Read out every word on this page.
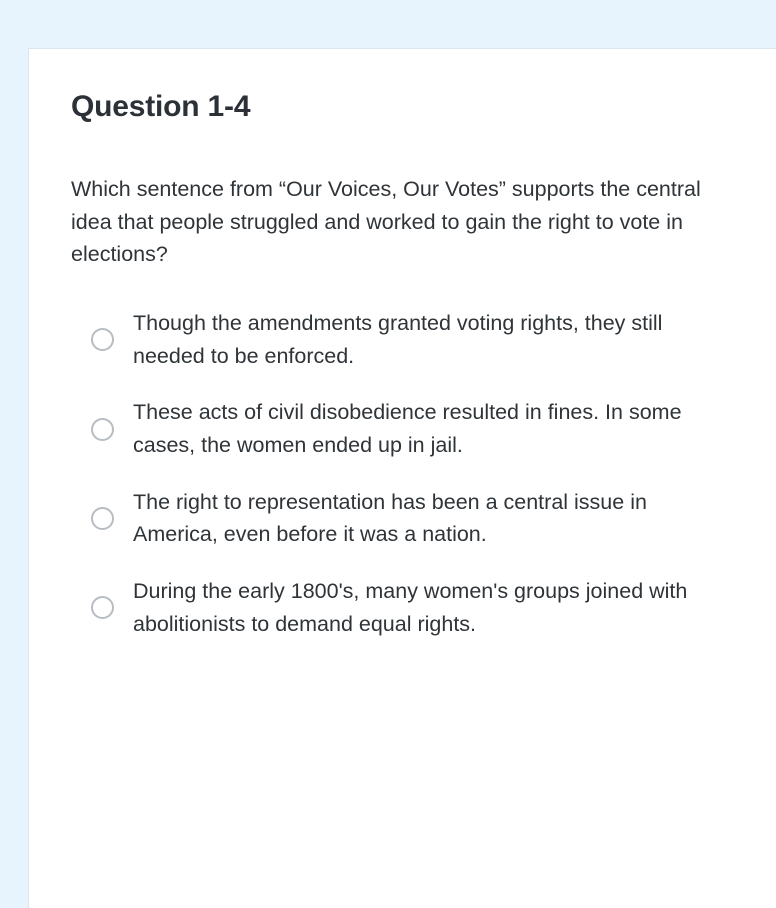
Question 1-4

Which sentence from “Our Voices, Our Votes” supports the central idea that people struggled and worked to gain the right to vote in elections?

Though the amendments granted voting rights, they still needed to be enforced.
These acts of civil disobedience resulted in fines. In some cases, the women ended up in jail.
The right to representation has been a central issue in America, even before it was a nation.
During the early 1800's, many women's groups joined with abolitionists to demand equal rights.
